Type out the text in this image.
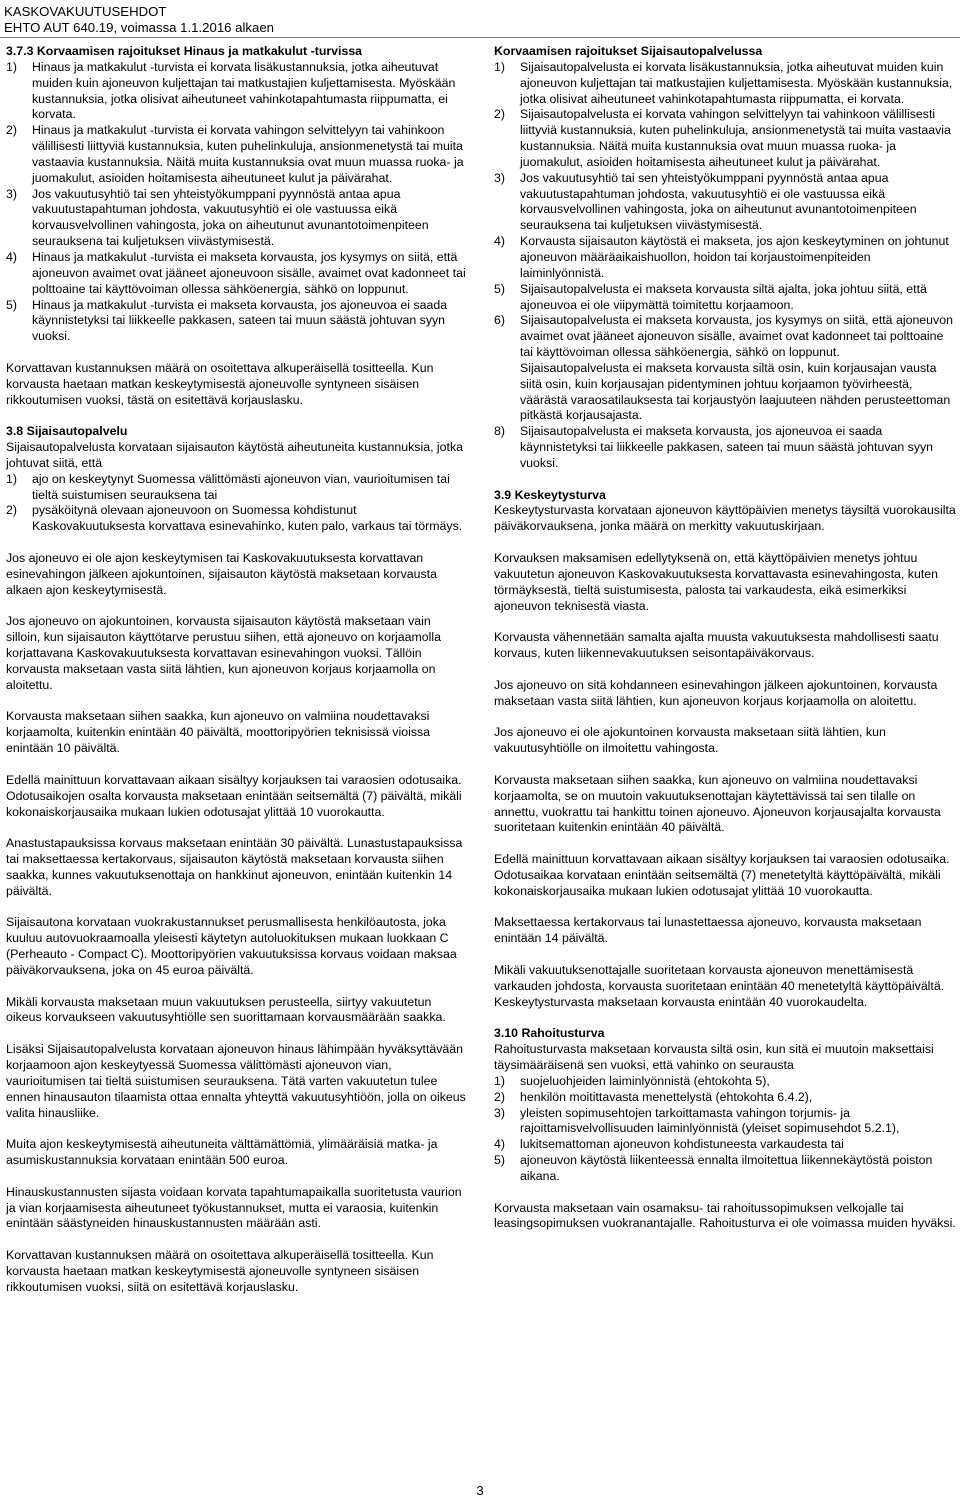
KASKOVAKUUTUSEHDOT
EHTO AUT 640.19, voimassa 1.1.2016 alkaen

3.7.3 Korvaamisen rajoitukset Hinaus ja matkakulut -turvissa

1) Hinaus ja matkakulut -turvista ei korvata lisäkustannuksia, jotka aiheutuvat muiden kuin ajoneuvon kuljettajan tai matkustajien kuljettamisesta. Myöskään kustannuksia, jotka olisivat aiheutuneet vahinkotapahtumasta riippumatta, ei korvata.
2) Hinaus ja matkakulut -turvista ei korvata vahingon selvittelyyn tai vahinkoon välillisesti liittyviä kustannuksia, kuten puhelinkuluja, ansionmenetystä tai muita vastaavia kustannuksia. Näitä muita kustannuksia ovat muun muassa ruoka- ja juomakulut, asioiden hoitamisesta aiheutuneet kulut ja päivärahat.
3) Jos vakuutusyhtiö tai sen yhteistyökumppani pyynnöstä antaa apua vakuutustapahtuman johdosta, vakuutusyhtiö ei ole vastuussa eikä korvausvelvollinen vahingosta, joka on aiheutunut avunantotoimenpiteen seurauksena tai kuljetuksen viivästymisestä.
4) Hinaus ja matkakulut -turvista ei makseta korvausta, jos kysymys on siitä, että ajoneuvon avaimet ovat jääneet ajoneuvoon sisälle, avaimet ovat kadonneet tai polttoaine tai käyttövoiman ollessa sähköenergia, sähkö on loppunut.
5) Hinaus ja matkakulut -turvista ei makseta korvausta, jos ajoneuvoa ei saada käynnistetyksi tai liikkeelle pakkasen, sateen tai muun säästä johtuvan syyn vuoksi.

Korvattavan kustannuksen määrä on osoitettava alkuperäisellä tositteella. Kun korvausta haetaan matkan keskeytymisestä ajoneuvolle syntyneen sisäisen rikkoutumisen vuoksi, tästä on esitettävä korjauslasku.

3.8 Sijaisautopalvelu

Sijaisautopalvelusta korvataan sijaisauton käytöstä aiheutuneita kustannuksia, jotka johtuvat siitä, että

1) ajo on keskeytynyt Suomessa välittömästi ajoneuvon vian, vaurioitumisen tai tieltä suistumisen seurauksena tai
2) pysäköitynä olevaan ajoneuvoon on Suomessa kohdistunut Kaskovakuutuksesta korvattava esinevahinko, kuten palo, varkaus tai törmäys.

Jos ajoneuvo ei ole ajon keskeytymisen tai Kaskovakuutuksesta korvattavan esinevahingon jälkeen ajokuntoinen, sijaisauton käytöstä maksetaan korvausta alkaen ajon keskeytymisestä.

Jos ajoneuvo on ajokuntoinen, korvausta sijaisauton käytöstä maksetaan vain silloin, kun sijaisauton käyttötarve perustuu siihen, että ajoneuvo on korjaamolla korjattavana Kaskovakuutuksesta korvattavan esinevahingon vuoksi. Tällöin korvausta maksetaan vasta siitä lähtien, kun ajoneuvon korjaus korjaamolla on aloitettu.

Korvausta maksetaan siihen saakka, kun ajoneuvo on valmiina noudettavaksi korjaamolta, kuitenkin enintään 40 päivältä, moottoripyörien teknisissä vioissa enintään 10 päivältä.

Edellä mainittuun korvattavaan aikaan sisältyy korjauksen tai varaosien odotusaika. Odotusaikojen osalta korvausta maksetaan enintään seitsemältä (7) päivältä, mikäli kokonaiskorjausaika mukaan lukien odotusajat ylittää 10 vuorokautta.

Anastustapauksissa korvaus maksetaan enintään 30 päivältä. Lunastustapauksissa tai maksettaessa kertakorvaus, sijaisauton käytöstä maksetaan korvausta siihen saakka, kunnes vakuutuksenottaja on hankkinut ajoneuvon, enintään kuitenkin 14 päivältä.

Sijaisautona korvataan vuokrakustannukset perusmallisesta henkilöautosta, joka kuuluu autovuokraamoalla yleisesti käytetyn autoluokituksen mukaan luokkaan C (Perheauto - Compact C). Moottoripyörien vakuutuksissa korvaus voidaan maksaa päiväkorvauksena, joka on 45 euroa päivältä.

Mikäli korvausta maksetaan muun vakuutuksen perusteella, siirtyy vakuutetun oikeus korvaukseen vakuutusyhtiölle sen suorittamaan korvausmäärään saakka.

Lisäksi Sijaisautopalvelusta korvataan ajoneuvon hinaus lähimpään hyväksyttävään korjaamoon ajon keskeytyessä Suomessa välittömästi ajoneuvon vian, vaurioitumisen tai tieltä suistumisen seurauksena. Tätä varten vakuutetun tulee ennen hinausauton tilaamista ottaa ennalta yhteyttä vakuutusyhtiöön, jolla on oikeus valita hinausliike.

Muita ajon keskeytymisestä aiheutuneita välttämättömiä, ylimääräisiä matka- ja asumiskustannuksia korvataan enintään 500 euroa.

Hinauskustannusten sijasta voidaan korvata tapahtumapaikalla suoritetusta vaurion ja vian korjaamisesta aiheutuneet työkustannukset, mutta ei varaosia, kuitenkin enintään säästyneiden hinauskustannusten määrään asti.

Korvattavan kustannuksen määrä on osoitettava alkuperäisellä tositteella. Kun korvausta haetaan matkan keskeytymisestä ajoneuvolle syntyneen sisäisen rikkoutumisen vuoksi, siitä on esitettävä korjauslasku.

Korvaamisen rajoitukset Sijaisautopalvelussa

1) Sijaisautopalvelusta ei korvata lisäkustannuksia, jotka aiheutuvat muiden kuin ajoneuvon kuljettajan tai matkustajien kuljettamisesta. Myöskään kustannuksia, jotka olisivat aiheutuneet vahinkotapahtumasta riippumatta, ei korvata.
2) Sijaisautopalvelusta ei korvata vahingon selvittelyyn tai vahinkoon välillisesti liittyviä kustannuksia, kuten puhelinkuluja, ansionmenetystä tai muita vastaavia kustannuksia. Näitä muita kustannuksia ovat muun muassa ruoka- ja juomakulut, asioiden hoitamisesta aiheutuneet kulut ja päivärahat.
3) Jos vakuutusyhtiö tai sen yhteistyökumppani pyynnöstä antaa apua vakuutustapahtuman johdosta, vakuutusyhtiö ei ole vastuussa eikä korvausvelvollinen vahingosta, joka on aiheutunut avunantotoimenpiteen seurauksena tai kuljetuksen viivästymisestä.
4) Korvausta sijaisauton käytöstä ei makseta, jos ajon keskeytyminen on johtunut ajoneuvon määräaikaishuollon, hoidon tai korjaustoimenpiteiden laiminlyönnistä.
5) Sijaisautopalvelusta ei makseta korvausta siltä ajalta, joka johtuu siitä, että ajoneuvoa ei ole viipymättä toimitettu korjaamoon.
6) Sijaisautopalvelusta ei makseta korvausta, jos kysymys on siitä, että ajoneuvon avaimet ovat jääneet ajoneuvon sisälle, avaimet ovat kadonneet tai polttoaine tai käyttövoiman ollessa sähköenergia, sähkö on loppunut.
Sijaisautopalvelusta ei makseta korvausta siltä osin, kuin korjausajan vausta siitä osin, kuin korjausajan pidentyminen johtuu korjaamon työvirheestä, väärästä varaosatilauksesta tai korjaustyön laajuuteen nähden perusteettoman pitkästä korjausajasta.
8) Sijaisautopalvelusta ei makseta korvausta, jos ajoneuvoa ei saada käynnistetyksi tai liikkeelle pakkasen, sateen tai muun säästä johtuvan syyn vuoksi.

3.9 Keskeytysturva

Keskeytysturvasta korvataan ajoneuvon käyttöpäivien menetys täysiltä vuorokausilta päiväkorvauksena, jonka määrä on merkitty vakuutuskirjaan.

Korvauksen maksamisen edellytyksenä on, että käyttöpäivien menetys johtuu vakuutetun ajoneuvon Kaskovakuutuksesta korvattavasta esinevahingosta, kuten törmäyksestä, tieltä suistumisesta, palosta tai varkaudesta, eikä esimerkiksi ajoneuvon teknisestä viasta.

Korvausta vähennetään samalta ajalta muusta vakuutuksesta mahdollisesti saatu korvaus, kuten liikennevakuutuksen seisontapäiväkorvaus.

Jos ajoneuvo on sitä kohdanneen esinevahingon jälkeen ajokuntoinen, korvausta maksetaan vasta siitä lähtien, kun ajoneuvon korjaus korjaamolla on aloitettu.

Jos ajoneuvo ei ole ajokuntoinen korvausta maksetaan siitä lähtien, kun vakuutusyhtiölle on ilmoitettu vahingosta.

Korvausta maksetaan siihen saakka, kun ajoneuvo on valmiina noudettavaksi korjaamolta, se on muutoin vakuutuksenottajan käytettävissä tai sen tilalle on annettu, vuokrattu tai hankittu toinen ajoneuvo. Ajoneuvon korjausajalta korvausta suoritetaan kuitenkin enintään 40 päivältä.

Edellä mainittuun korvattavaan aikaan sisältyy korjauksen tai varaosien odotusaika. Odotusaikaa korvataan enintään seitsemältä (7) menetetyltä käyttöpäivältä, mikäli kokonaiskorjausaika mukaan lukien odotusajat ylittää 10 vuorokautta.

Maksettaessa kertakorvaus tai lunastettaessa ajoneuvo, korvausta maksetaan enintään 14 päivältä.

Mikäli vakuutuksenottajalle suoritetaan korvausta ajoneuvon menettämisestä varkauden johdosta, korvausta suoritetaan enintään 40 menetetyltä käyttöpäivältä. Keskeytysturvasta maksetaan korvausta enintään 40 vuorokaudelta.

3.10 Rahoitusturva

Rahoitusturvasta maksetaan korvausta siltä osin, kun sitä ei muutoin maksettaisi täysimääräisenä sen vuoksi, että vahinko on seurausta

1) suojeluohjeiden laiminlyönnistä (ehtokohta 5),
2) henkilön moitittavasta menettelystä (ehtokohta 6.4.2),
3) yleisten sopimusehtojen tarkoittamasta vahingon torjumis- ja rajoittamisvelvollisuuden laiminlyönnistä (yleiset sopimusehdot 5.2.1),
4) lukitsemattoman ajoneuvon kohdistuneesta varkaudesta tai
5) ajoneuvon käytöstä liikenteessä ennalta ilmoitettua liikennekäytöstä poiston aikana.

Korvausta maksetaan vain osamaksu- tai rahoitussopimuksen velkojalle tai leasingsopimuksen vuokranantajalle. Rahoitusturva ei ole voimassa muiden hyväksi.

3
